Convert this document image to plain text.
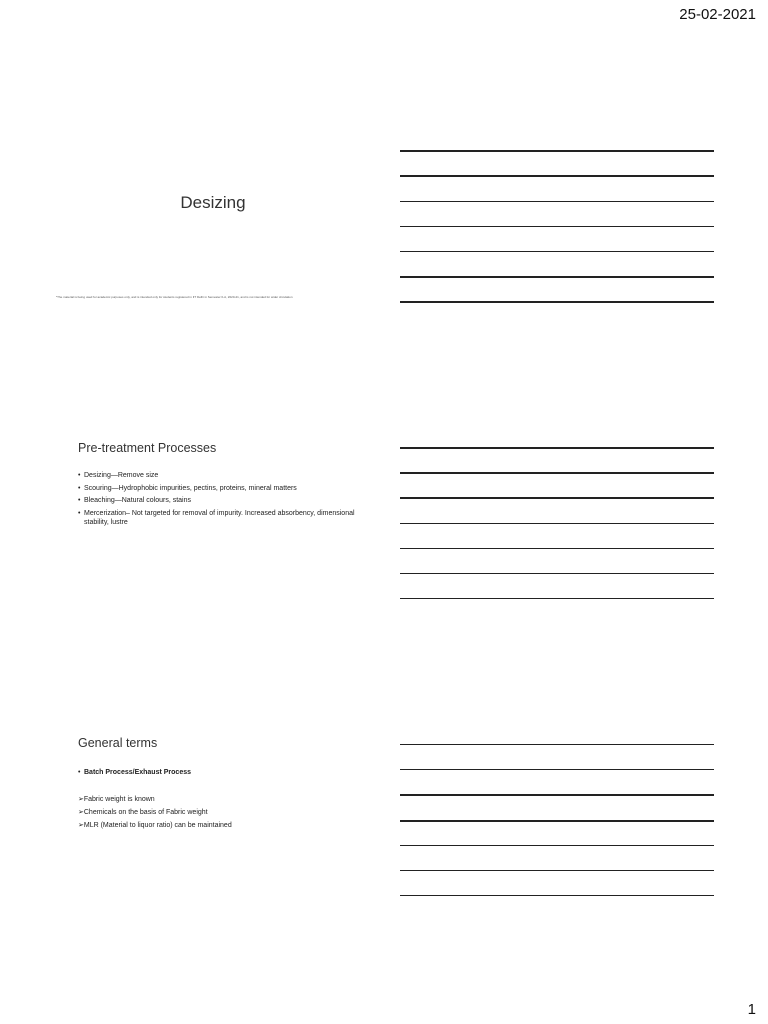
25-02-2021
Desizing
*The material is being used for academic purposes only, and is intended only for students registered in IIT Delhi in Semester II-A, 2020-21, and is not intended for wider circulation
Pre-treatment Processes
• Desizing—Remove size
• Scouring—Hydrophobic impurities, pectins, proteins, mineral matters
• Bleaching—Natural colours, stains
• Mercerization– Not targeted for removal of impurity. Increased absorbency, dimensional stability, lustre
General terms
• Batch Process/Exhaust Process
➢Fabric weight is known
➢Chemicals on the basis of Fabric weight
➢MLR (Material to liquor ratio) can be maintained
1
